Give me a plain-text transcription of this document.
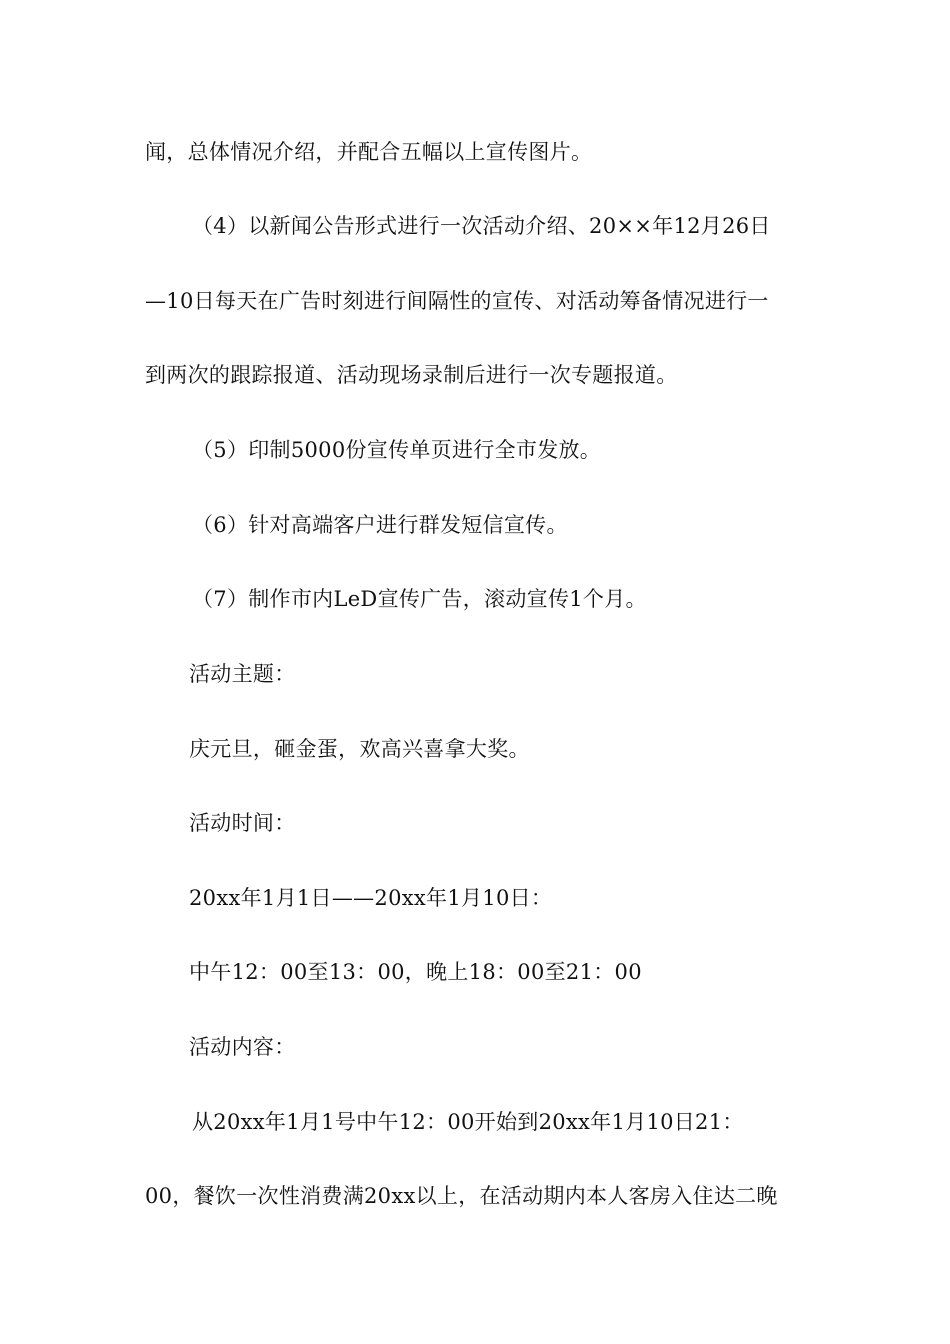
闻，总体情况介绍，并配合五幅以上宣传图片。
（4）以新闻公告形式进行一次活动介绍、20××年12月26日
—10日每天在广告时刻进行间隔性的宣传、对活动筹备情况进行一
到两次的跟踪报道、活动现场录制后进行一次专题报道。
（5）印制5000份宣传单页进行全市发放。
（6）针对高端客户进行群发短信宣传。
（7）制作市内LeD宣传广告，滚动宣传1个月。
活动主题：
庆元旦，砸金蛋，欢高兴喜拿大奖。
活动时间：
20xx年1月1日——20xx年1月10日：
中午12：00至13：00，晚上18：00至21：00
活动内容：
从20xx年1月1号中午12：00开始到20xx年1月10日21：
00，餐饮一次性消费满20xx以上，在活动期内本人客房入住达二晚
